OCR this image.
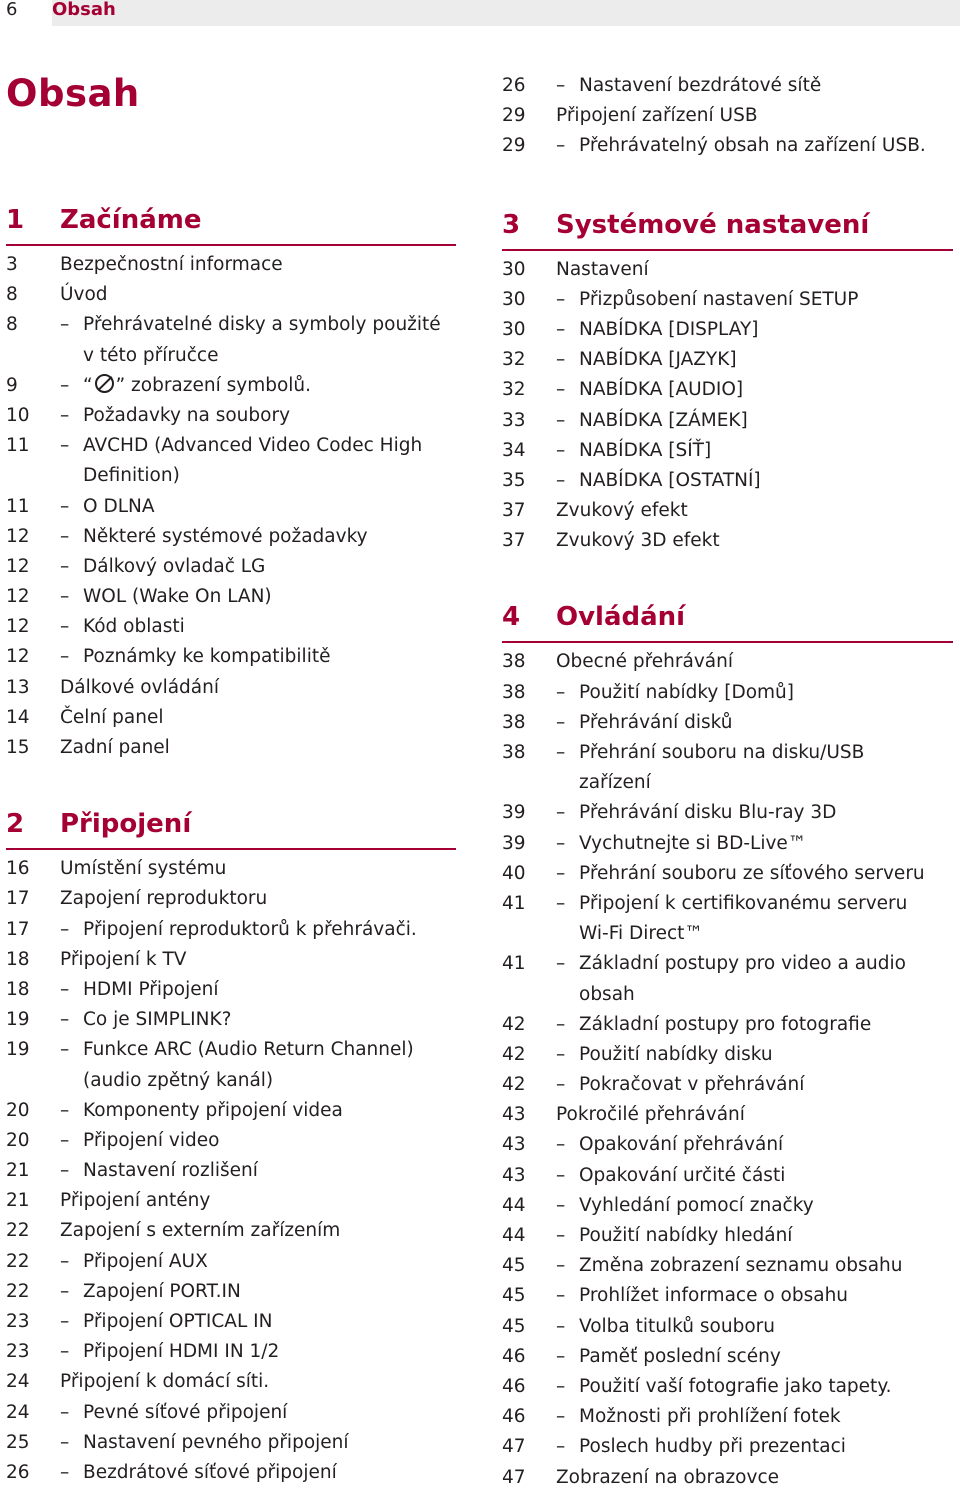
6 Obsah
Obsah
1 Začínáme
3 Bezpečnostní informace
8 Úvod
8 – Přehrávatelné disky a symboly použité
v této příručce
9 – “ ” zobrazení symbolů.
10 – Požadavky na soubory
11 – AVCHD (Advanced Video Codec High
Definition)
11 – O DLNA
12 – Některé systémové požadavky
12 – Dálkový ovladač LG
12 – WOL (Wake On LAN)
12 – Kód oblasti
12 – Poznámky ke kompatibilitě
13 Dálkové ovládání
14 Čelní panel
15 Zadní panel
2 Připojení
16 Umístění systému
17 Zapojení reproduktoru
17 – Připojení reproduktorů k přehrávači.
18 Připojení k TV
18 – HDMI Připojení
19 – Co je SIMPLINK?
19 – Funkce ARC (Audio Return Channel)
(audio zpětný kanál)
20 – Komponenty připojení videa
20 – Připojení video
21 – Nastavení rozlišení
21 Připojení antény
22 Zapojení s externím zařízením
22 – Připojení AUX
22 – Zapojení PORT.IN
23 – Připojení OPTICAL IN
23 – Připojení HDMI IN 1/2
24 Připojení k domácí síti.
24 – Pevné síťové připojení
25 – Nastavení pevného připojení
26 – Bezdrátové síťové připojení
26 – Nastavení bezdrátové sítě
29 Připojení zařízení USB
29 – Přehrávatelný obsah na zařízení USB.
3 Systémové nastavení
30 Nastavení
30 – Přizpůsobení nastavení SETUP
30 – NABÍDKA [DISPLAY]
32 – NABÍDKA [JAZYK]
32 – NABÍDKA [AUDIO]
33 – NABÍDKA [ZÁMEK]
34 – NABÍDKA [SÍŤ]
35 – NABÍDKA [OSTATNÍ]
37 Zvukový efekt
37 Zvukový 3D efekt
4 Ovládání
38 Obecné přehrávání
38 – Použití nabídky [Domů]
38 – Přehrávání disků
38 – Přehrání souboru na disku/USB
zařízení
39 – Přehrávání disku Blu-ray 3D
39 – Vychutnejte si BD-Live™
40 – Přehrání souboru ze síťového serveru
41 – Připojení k certifikovanému serveru
Wi-Fi Direct™
41 – Základní postupy pro video a audio
obsah
42 – Základní postupy pro fotografie
42 – Použití nabídky disku
42 – Pokračovat v přehrávání
43 Pokročilé přehrávání
43 – Opakování přehrávání
43 – Opakování určité části
44 – Vyhledání pomocí značky
44 – Použití nabídky hledání
45 – Změna zobrazení seznamu obsahu
45 – Prohlížet informace o obsahu
45 – Volba titulků souboru
46 – Paměť poslední scény
46 – Použití vaší fotografie jako tapety.
46 – Možnosti při prohlížení fotek
47 – Poslech hudby při prezentaci
47 Zobrazení na obrazovce
